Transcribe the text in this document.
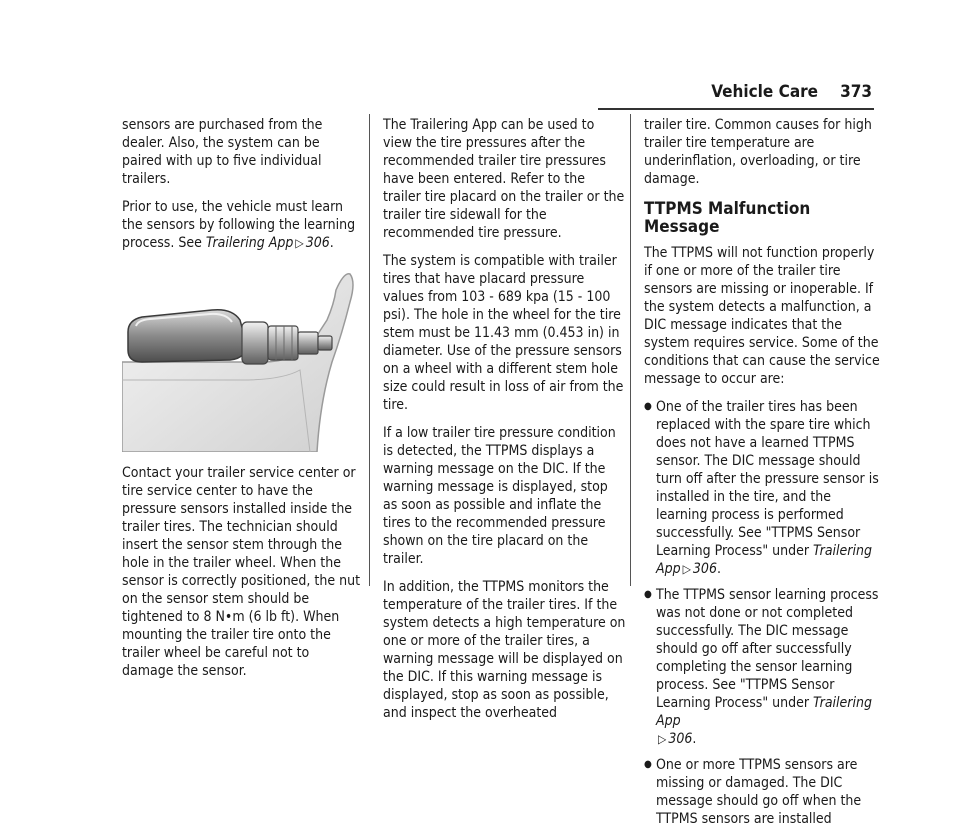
Vehicle Care 373

sensors are purchased from the dealer. Also, the system can be paired with up to five individual trailers.

Prior to use, the vehicle must learn the sensors by following the learning process. See Trailering App ▷ 306.

Contact your trailer service center or tire service center to have the pressure sensors installed inside the trailer tires. The technician should insert the sensor stem through the hole in the trailer wheel. When the sensor is correctly positioned, the nut on the sensor stem should be tightened to 8 N•m (6 lb ft). When mounting the trailer tire onto the trailer wheel be careful not to damage the sensor.

The Trailering App can be used to view the tire pressures after the recommended trailer tire pressures have been entered. Refer to the trailer tire placard on the trailer or the trailer tire sidewall for the recommended tire pressure.

The system is compatible with trailer tires that have placard pressure values from 103 - 689 kpa (15 - 100 psi). The hole in the wheel for the tire stem must be 11.43 mm (0.453 in) in diameter. Use of the pressure sensors on a wheel with a different stem hole size could result in loss of air from the tire.

If a low trailer tire pressure condition is detected, the TTPMS displays a warning message on the DIC. If the warning message is displayed, stop as soon as possible and inflate the tires to the recommended pressure shown on the tire placard on the trailer.

In addition, the TTPMS monitors the temperature of the trailer tires. If the system detects a high temperature on one or more of the trailer tires, a warning message will be displayed on the DIC. If this warning message is displayed, stop as soon as possible, and inspect the overheated

trailer tire. Common causes for high trailer tire temperature are underinflation, overloading, or tire damage.

TTPMS Malfunction Message

The TTPMS will not function properly if one or more of the trailer tire sensors are missing or inoperable. If the system detects a malfunction, a DIC message indicates that the system requires service. Some of the conditions that can cause the service message to occur are:

● One of the trailer tires has been replaced with the spare tire which does not have a learned TTPMS sensor. The DIC message should turn off after the pressure sensor is installed in the tire, and the learning process is performed successfully. See "TTPMS Sensor Learning Process" under Trailering App ▷ 306.
● The TTPMS sensor learning process was not done or not completed successfully. The DIC message should go off after successfully completing the sensor learning process. See "TTPMS Sensor Learning Process" under Trailering App
▷ 306.
● One or more TTPMS sensors are missing or damaged. The DIC message should go off when the TTPMS sensors are installed
